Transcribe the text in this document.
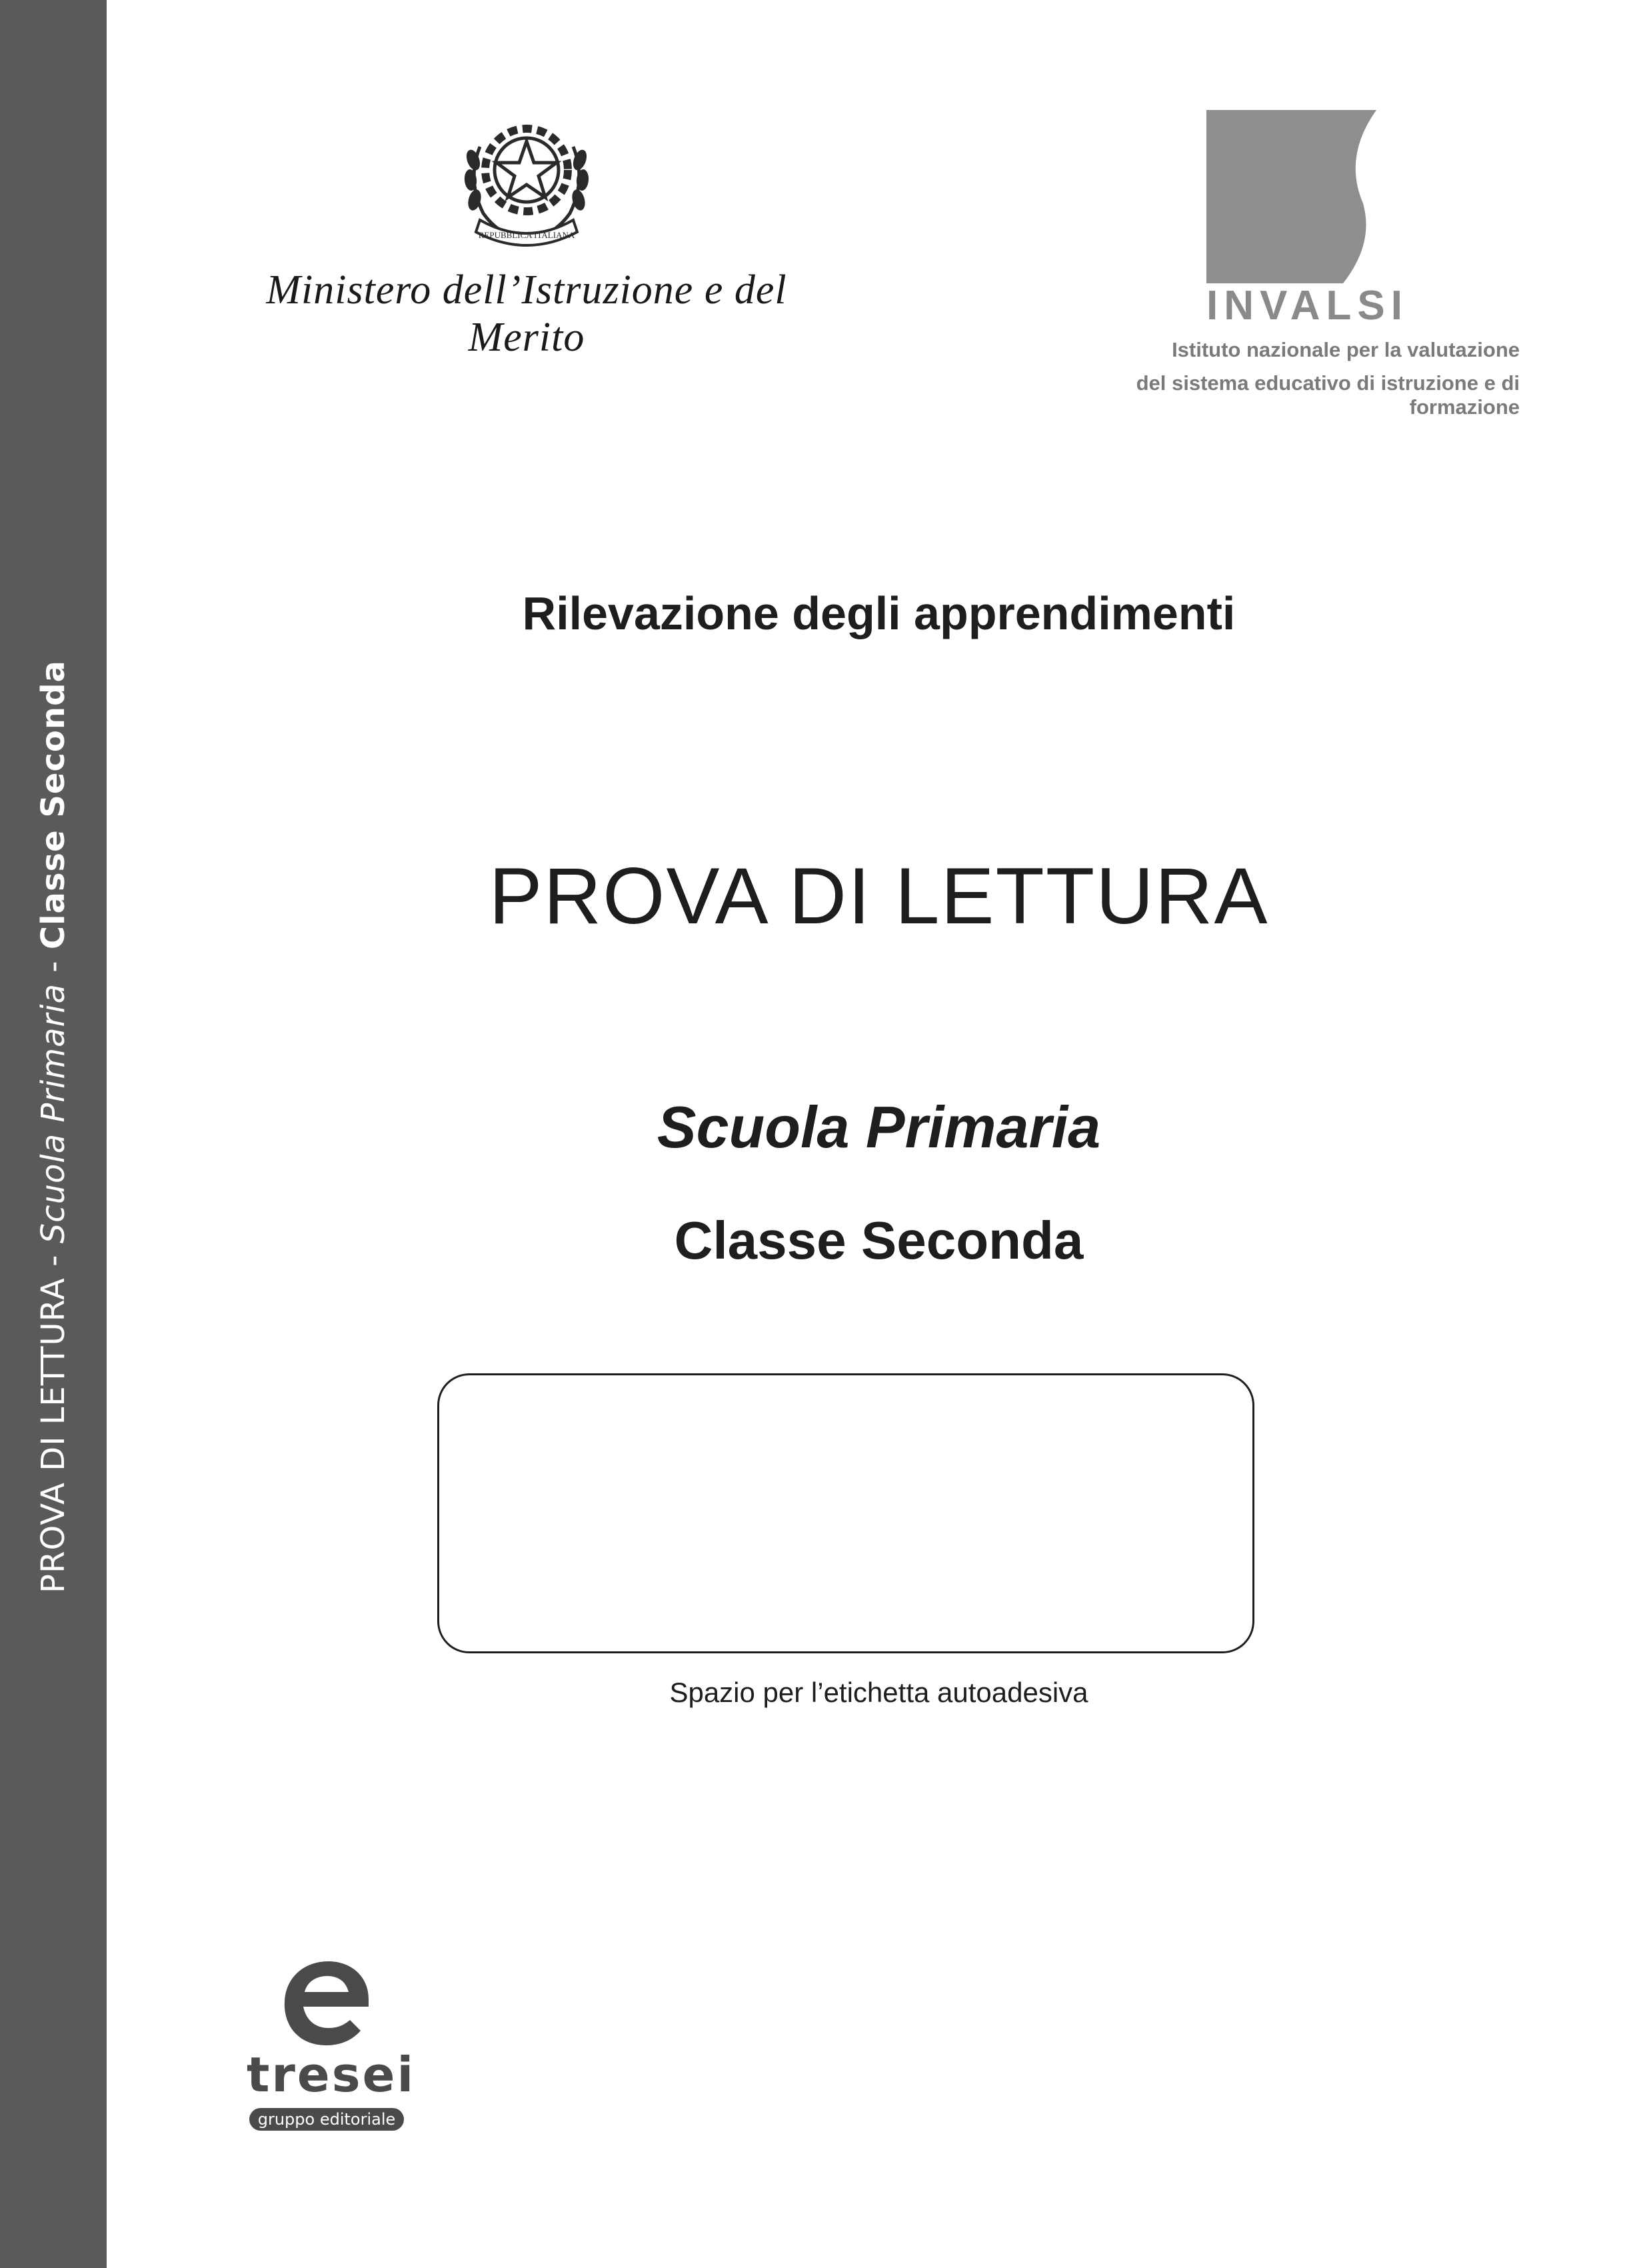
PROVA DI LETTURA - Scuola Primaria - Classe Seconda
REPUBBLICA ITALIANA
Ministero dell’Istruzione e del Merito
INVALSI
Istituto nazionale per la valutazione
del sistema educativo di istruzione e di formazione
Rilevazione degli apprendimenti
PROVA DI LETTURA
Scuola Primaria
Classe Seconda
Spazio per l’etichetta autoadesiva
tresei
gruppo editoriale
